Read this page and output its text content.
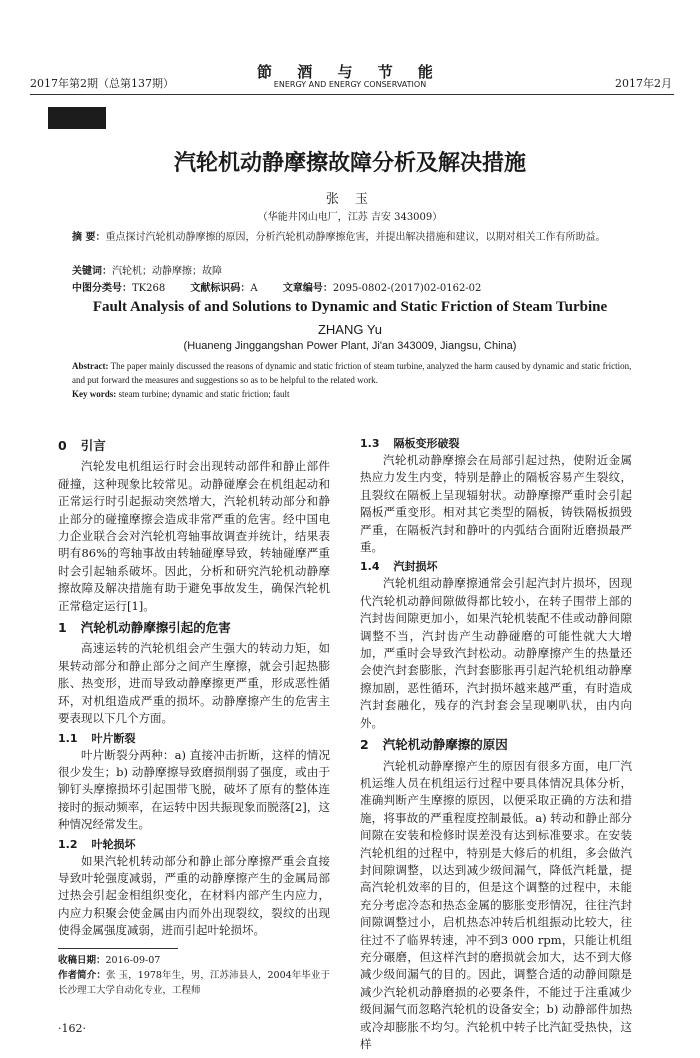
2017年第2期（总第137期）
節 酒 与 节 能
ENERGY AND ENERGY CONSERVATION	2017年2月
汽轮机动静摩擦故障分析及解决措施
张 玉
（华能井冈山电厂，江苏 吉安 343009）
摘 要：重点探讨汽轮机动静摩擦的原因，分析汽轮机动静摩擦危害，并提出解决措施和建议，以期对相关工作有所助益。
关键词：汽轮机；动静摩擦；故障
中图分类号：TK268	文献标识码：A	文章编号：2095-0802-(2017)02-0162-02
Fault Analysis of and Solutions to Dynamic and Static Friction of Steam Turbine
ZHANG Yu
(Huaneng Jinggangshan Power Plant, Ji'an 343009, Jiangsu, China)
Abstract: The paper mainly discussed the reasons of dynamic and static friction of steam turbine, analyzed the harm caused by dynamic and static friction, and put forward the measures and suggestions so as to be helpful to the related work.
Key words: steam turbine; dynamic and static friction; fault
0 引言

汽轮发电机组运行时会出现转动部件和静止部件碰撞，这种现象比较常见。动静碰摩会在机组起动和正常运行时引起振动突然增大，汽轮机转动部分和静止部分的碰撞摩擦会造成非常严重的危害。经中国电力企业联合会对汽轮机弯轴事故调查并统计，结果表明有86%的弯轴事故由转轴碰摩导致，转轴碰摩严重时会引起轴系破坏。因此，分析和研究汽轮机动静摩擦故障及解决措施有助于避免事故发生，确保汽轮机正常稳定运行[1]。

1 汽轮机动静摩擦引起的危害

高速运转的汽轮机组会产生强大的转动力矩，如果转动部分和静止部分之间产生摩擦，就会引起热膨胀、热变形，进而导致动静摩擦更严重，形成恶性循环，对机组造成严重的损坏。动静摩擦产生的危害主要表现以下几个方面。

1.1 叶片断裂

叶片断裂分两种：a) 直接冲击折断，这样的情况很少发生；b) 动静摩擦导致磨损削弱了强度，或由于铆钉头摩擦损坏引起围带飞脱，破坏了原有的整体连接时的振动频率，在运转中因共振现象而脱落[2]，这种情况经常发生。

1.2 叶轮损坏

如果汽轮机转动部分和静止部分摩擦严重会直接导致叶轮强度减弱，严重的动静摩擦产生的金属局部过热会引起金相组织变化，在材料内部产生内应力，内应力积聚会使金属由内而外出现裂纹，裂纹的出现使得金属强度减弱，进而引起叶轮损坏。

收稿日期：2016-09-07

作者简介：张 玉，1978年生，男，江苏沛县人，2004年毕业于长沙理工大学自动化专业，工程师

1.3 隔板变形破裂

汽轮机动静摩擦会在局部引起过热，使附近金属热应力发生内变，特别是静止的隔板容易产生裂纹，且裂纹在隔板上呈现辐射状。动静摩擦严重时会引起隔板严重变形。相对其它类型的隔板，铸铁隔板损毁严重，在隔板汽封和静叶的内弧结合面附近磨损最严重。

1.4 汽封损坏

汽轮机组动静摩擦通常会引起汽封片损坏，因现代汽轮机动静间隙做得都比较小，在转子围带上部的汽封齿间隙更加小，如果汽轮机装配不佳或动静间隙调整不当，汽封齿产生动静碰磨的可能性就大大增加，严重时会导致汽封松动。动静摩擦产生的热量还会使汽封套膨胀，汽封套膨胀再引起汽轮机组动静摩擦加剧，恶性循环，汽封损坏越来越严重，有时造成汽封套融化，残存的汽封套会呈现喇叭状，由内向外。

2 汽轮机动静摩擦的原因

汽轮机动静摩擦产生的原因有很多方面，电厂汽机运维人员在机组运行过程中要具体情况具体分析，准确判断产生摩擦的原因，以便采取正确的方法和措施，将事故的严重程度控制最低。a) 转动和静止部分间隙在安装和检修时误差没有达到标准要求。在安装汽轮机组的过程中，特别是大修后的机组，多会做汽封间隙调整，以达到减少级间漏气，降低汽耗量，提高汽轮机效率的目的，但是这个调整的过程中，未能充分考虑冷态和热态金属的膨胀变形情况，往往汽封间隙调整过小，启机热态冲转后机组振动比较大，往往过不了临界转速，冲不到3 000 rpm，只能让机组充分碾磨，但这样汽封的磨损就会加大，达不到大修减少级间漏气的目的。因此，调整合适的动静间隙是减少汽轮机动静磨损的必要条件，不能过于注重减少级间漏气而忽略汽轮机的设备安全；b) 动静部件加热或冷却膨胀不均匀。汽轮机中转子比汽缸受热快，这样

·162·
